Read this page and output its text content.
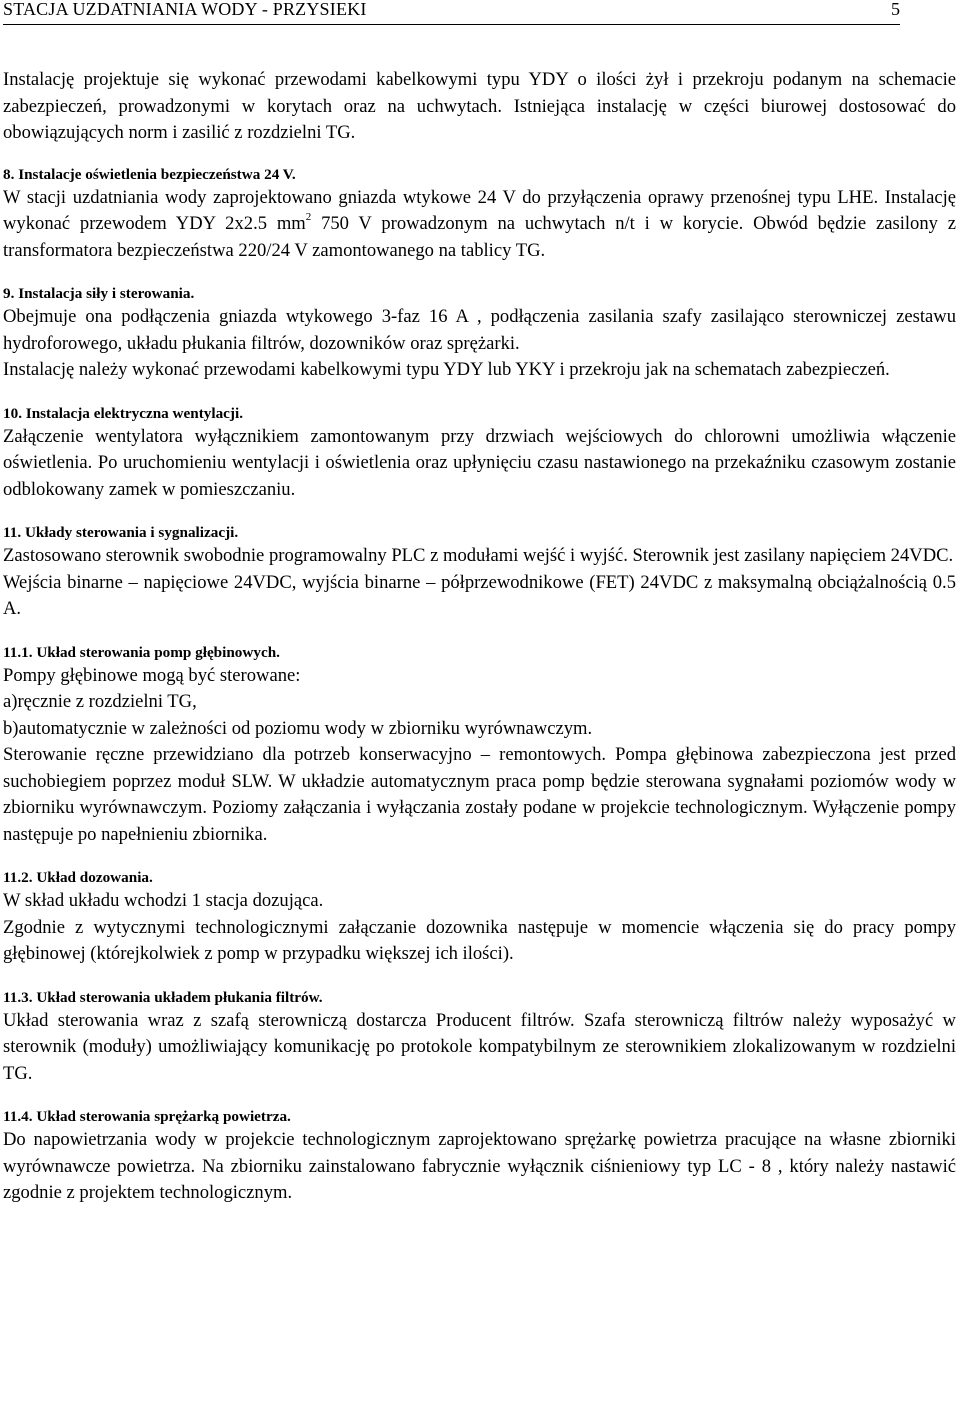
STACJA UZDATNIANIA WODY - PRZYSIEKI	5

Instalację projektuje się wykonać przewodami kabelkowymi typu YDY o ilości żył i przekroju podanym na schemacie zabezpieczeń, prowadzonymi w korytach oraz na uchwytach. Istniejąca instalację w części biurowej dostosować do obowiązujących norm i zasilić z rozdzielni TG.

8. Instalacje oświetlenia bezpieczeństwa 24 V.

W stacji uzdatniania wody zaprojektowano gniazda wtykowe 24 V do przyłączenia oprawy przenośnej typu LHE. Instalację wykonać przewodem YDY 2x2.5 $mm^2$ 750 V prowadzonym na uchwytach n/t i w korycie. Obwód będzie zasilony z transformatora bezpieczeństwa 220/24 V zamontowanego na tablicy TG.

9. Instalacja siły i sterowania.

Obejmuje ona podłączenia gniazda wtykowego 3-faz 16 A , podłączenia zasilania szafy zasilająco sterowniczej zestawu hydroforowego, układu płukania filtrów, dozowników oraz sprężarki.

Instalację należy wykonać przewodami kabelkowymi typu YDY lub YKY i przekroju jak na schematach zabezpieczeń.

10. Instalacja elektryczna wentylacji.

Załączenie wentylatora wyłącznikiem zamontowanym przy drzwiach wejściowych do chlorowni umożliwia włączenie oświetlenia. Po uruchomieniu wentylacji i oświetlenia oraz upłynięciu czasu nastawionego na przekaźniku czasowym zostanie odblokowany zamek w pomieszczaniu.

11. Układy sterowania i sygnalizacji.

Zastosowano sterownik swobodnie programowalny PLC z modułami wejść i wyjść. Sterownik jest zasilany napięciem 24VDC.

Wejścia binarne – napięciowe 24VDC, wyjścia binarne – półprzewodnikowe (FET) 24VDC z maksymalną obciążalnością 0.5 A.

11.1. Układ sterowania pomp głębinowych.

Pompy głębinowe mogą być sterowane:

a)ręcznie z rozdzielni TG,

b)automatycznie w zależności od poziomu wody w zbiorniku wyrównawczym.

Sterowanie ręczne przewidziano dla potrzeb konserwacyjno – remontowych. Pompa głębinowa zabezpieczona jest przed suchobiegiem poprzez moduł SLW. W układzie automatycznym praca pomp będzie sterowana sygnałami poziomów wody w zbiorniku wyrównawczym. Poziomy załączania i wyłączania zostały podane w projekcie technologicznym. Wyłączenie pompy następuje po napełnieniu zbiornika.

11.2. Układ dozowania.

W skład układu wchodzi 1 stacja dozująca.

Zgodnie z wytycznymi technologicznymi załączanie dozownika następuje w momencie włączenia się do pracy pompy głębinowej (którejkolwiek z pomp w przypadku większej ich ilości).

11.3. Układ sterowania układem płukania filtrów.

Układ sterowania wraz z szafą sterowniczą dostarcza Producent filtrów. Szafa sterowniczą filtrów należy wyposażyć w sterownik (moduły) umożliwiający komunikację po protokole kompatybilnym ze sterownikiem zlokalizowanym w rozdzielni TG.

11.4. Układ sterowania sprężarką powietrza.

Do napowietrzania wody w projekcie technologicznym zaprojektowano sprężarkę powietrza pracujące na własne zbiorniki wyrównawcze powietrza. Na zbiorniku zainstalowano fabrycznie wyłącznik ciśnieniowy typ LC - 8 , który należy nastawić zgodnie z projektem technologicznym.
